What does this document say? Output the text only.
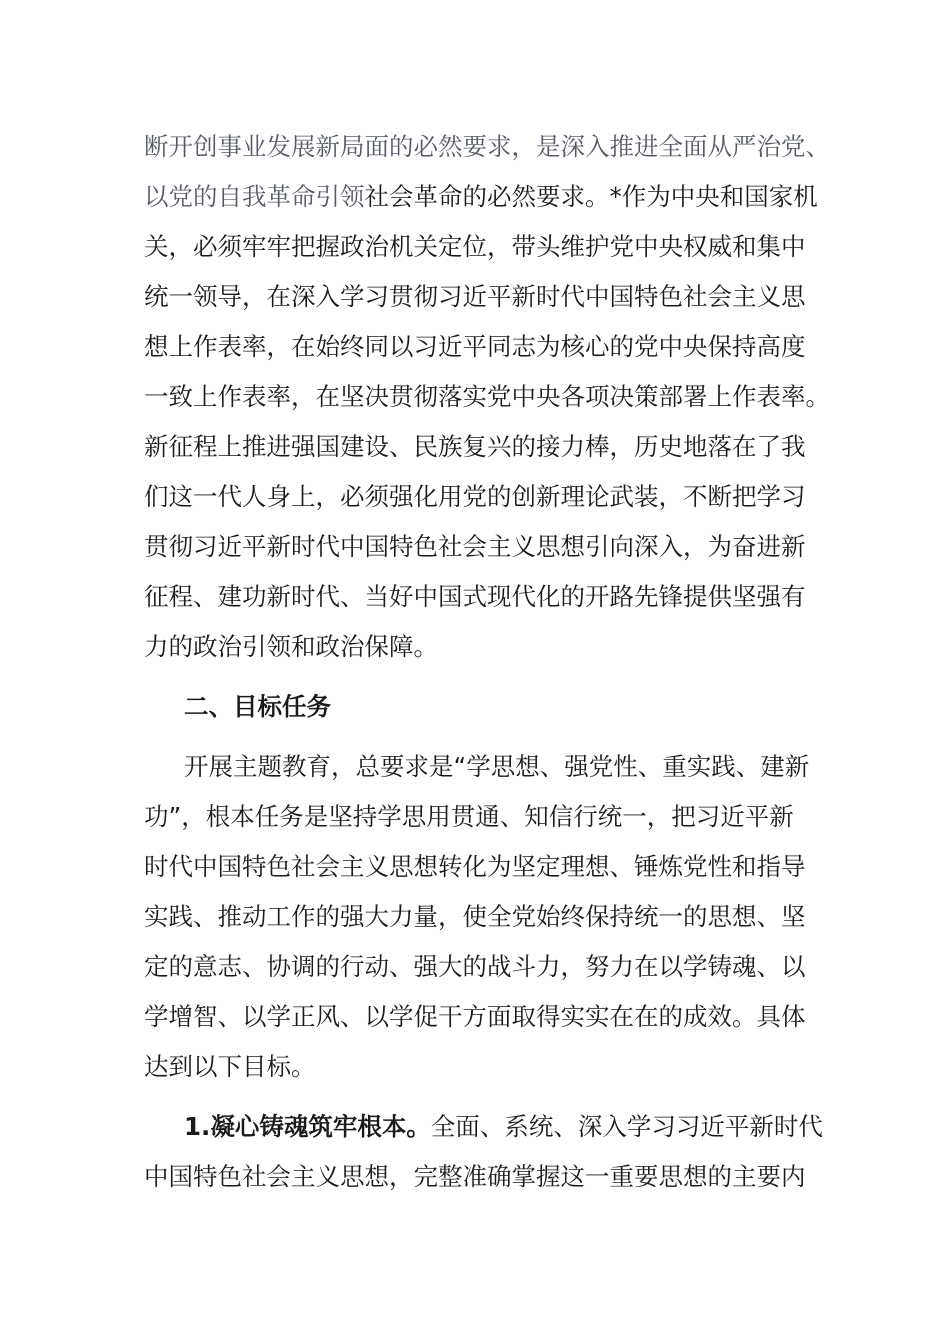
断开创事业发展新局面的必然要求，是深入推进全面从严治党、
以党的自我革命引领社会革命的必然要求。*作为中央和国家机
关，必须牢牢把握政治机关定位，带头维护党中央权威和集中
统一领导，在深入学习贯彻习近平新时代中国特色社会主义思
想上作表率，在始终同以习近平同志为核心的党中央保持高度
一致上作表率，在坚决贯彻落实党中央各项决策部署上作表率。
新征程上推进强国建设、民族复兴的接力棒，历史地落在了我
们这一代人身上，必须强化用党的创新理论武装，不断把学习
贯彻习近平新时代中国特色社会主义思想引向深入，为奋进新
征程、建功新时代、当好中国式现代化的开路先锋提供坚强有
力的政治引领和政治保障。
二、目标任务
开展主题教育，总要求是“学思想、强党性、重实践、建新
功”，根本任务是坚持学思用贯通、知信行统一，把习近平新
时代中国特色社会主义思想转化为坚定理想、锤炼党性和指导
实践、推动工作的强大力量，使全党始终保持统一的思想、坚
定的意志、协调的行动、强大的战斗力，努力在以学铸魂、以
学增智、以学正风、以学促干方面取得实实在在的成效。具体
达到以下目标。
1.凝心铸魂筑牢根本。全面、系统、深入学习习近平新时代
中国特色社会主义思想，完整准确掌握这一重要思想的主要内
